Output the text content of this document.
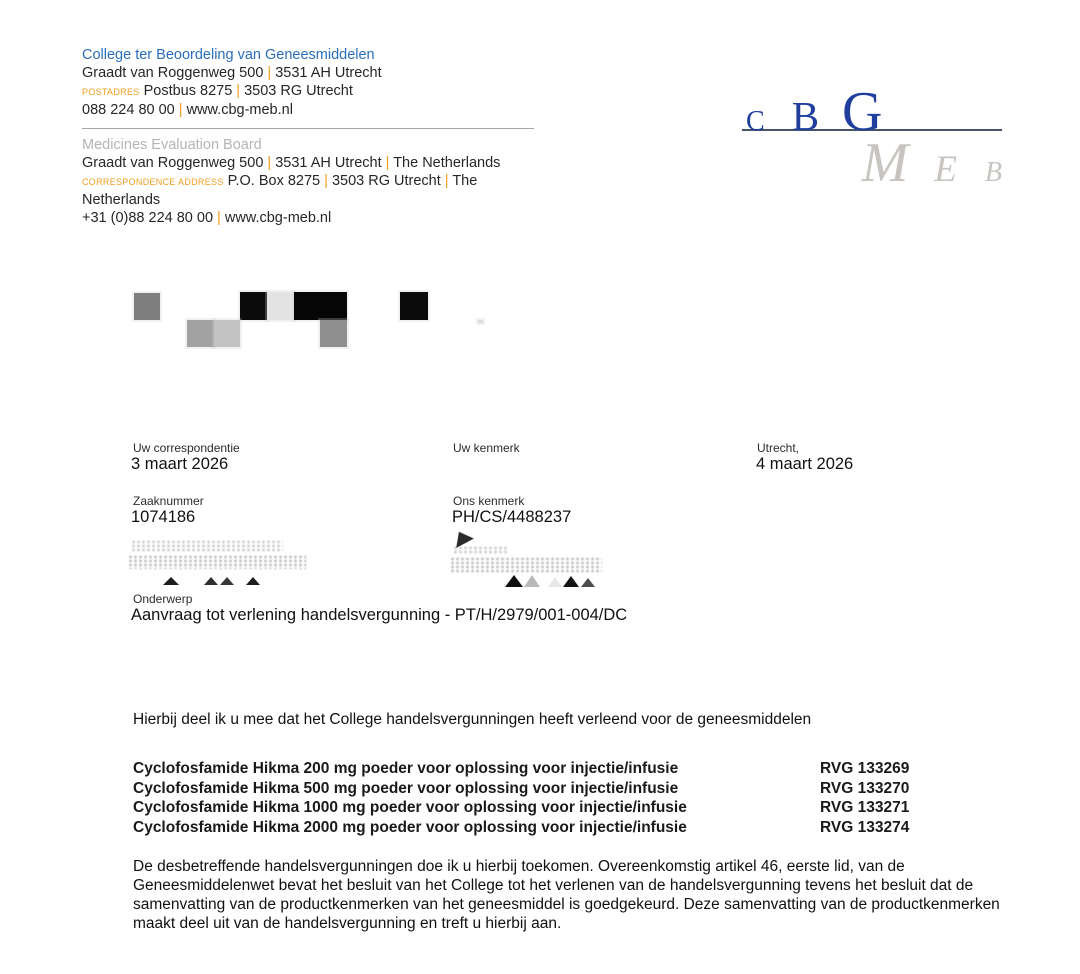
College ter Beoordeling van Geneesmiddelen
Graadt van Roggenweg 500 | 3531 AH Utrecht
POSTADRES Postbus 8275 | 3503 RG Utrecht
088 224 80 00 | www.cbg-meb.nl
Medicines Evaluation Board
Graadt van Roggenweg 500 | 3531 AH Utrecht | The Netherlands
CORRESPONDENCE ADDRESS P.O. Box 8275 | 3503 RG Utrecht | The Netherlands
+31 (0)88 224 80 00 | www.cbg-meb.nl
C B G
M E B
Uw correspondentie
3 maart 2026
Uw kenmerk	Utrecht,
4 maart 2026
Zaaknummer
1074186
Ons kenmerk
PH/CS/4488237
Onderwerp
Aanvraag tot verlening handelsvergunning - PT/H/2979/001-004/DC
Hierbij deel ik u mee dat het College handelsvergunningen heeft verleend voor de geneesmiddelen
Cyclofosfamide Hikma 200 mg poeder voor oplossing voor injectie/infusie	RVG 133269
Cyclofosfamide Hikma 500 mg poeder voor oplossing voor injectie/infusie	RVG 133270
Cyclofosfamide Hikma 1000 mg poeder voor oplossing voor injectie/infusie	RVG 133271
Cyclofosfamide Hikma 2000 mg poeder voor oplossing voor injectie/infusie	RVG 133274
De desbetreffende handelsvergunningen doe ik u hierbij toekomen. Overeenkomstig artikel 46, eerste lid, van de Geneesmiddelenwet bevat het besluit van het College tot het verlenen van de handelsvergunning tevens het besluit dat de samenvatting van de productkenmerken van het geneesmiddel is goedgekeurd. Deze samenvatting van de productkenmerken maakt deel uit van de handelsvergunning en treft u hierbij aan.
